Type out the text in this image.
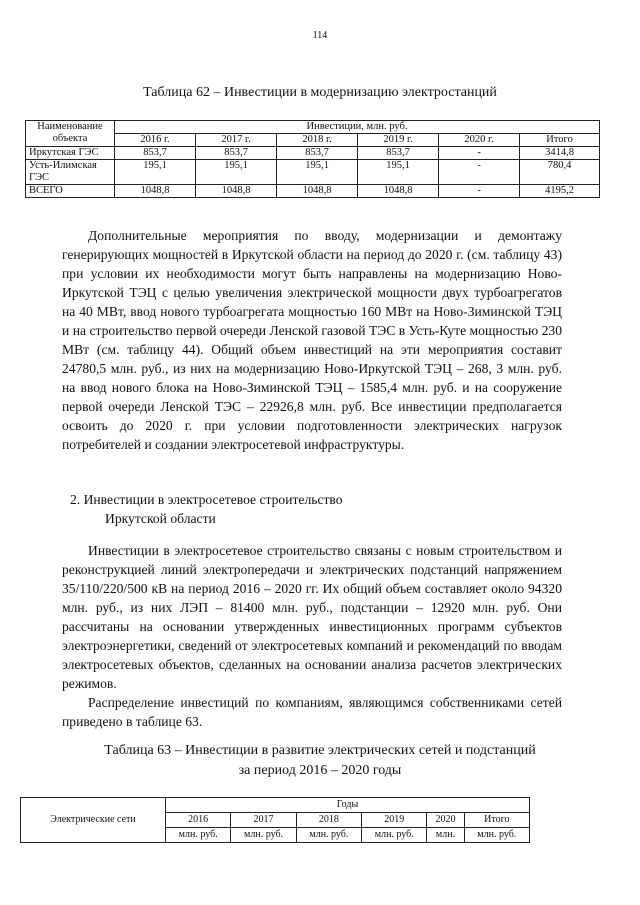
114
Таблица 62 – Инвестиции в модернизацию электростанций
Наименование объекта	Инвестиции, млн. руб.					
	2016 г.	2017 г.	2018 г.	2019 г.	2020 г.	Итого
Иркутская ГЭС	853,7	853,7	853,7	853,7	-	3414,8
Усть-Илимская ГЭС	195,1	195,1	195,1	195,1	-	780,4
ВСЕГО	1048,8	1048,8	1048,8	1048,8	-	4195,2

Дополнительные мероприятия по вводу, модернизации и демонтажу генерирующих мощностей в Иркутской области на период до 2020 г. (см. таблицу 43) при условии их необходимости могут быть направлены на модернизацию Ново-Иркутской ТЭЦ с целью увеличения электрической мощности двух турбоагрегатов на 40 МВт, ввод нового турбоагрегата мощностью 160 МВт на Ново-Зиминской ТЭЦ и на строительство первой очереди Ленской газовой ТЭС в Усть-Куте мощностью 230 МВт (см. таблицу 44). Общий объем инвестиций на эти мероприятия составит 24780,5 млн. руб., из них на модернизацию Ново-Иркутской ТЭЦ – 268, 3 млн. руб. на ввод нового блока на Ново-Зиминской ТЭЦ – 1585,4 млн. руб. и на сооружение первой очереди Ленской ТЭС – 22926,8 млн. руб. Все инвестиции предполагается освоить до 2020 г. при условии подготовленности электрических нагрузок потребителей и создании электросетевой инфраструктуры.

2. Инвестиции в электросетевое строительство
Иркутской области

Инвестиции в электросетевое строительство связаны с новым строительством и реконструкцией линий электропередачи и электрических подстанций напряжением 35/110/220/500 кВ на период 2016 – 2020 гг. Их общий объем составляет около 94320 млн. руб., из них ЛЭП – 81400 млн. руб., подстанции – 12920 млн. руб. Они рассчитаны на основании утвержденных инвестиционных программ субъектов электроэнергетики, сведений от электросетевых компаний и рекомендаций по вводам электросетевых объектов, сделанных на основании анализа расчетов электрических режимов.

Распределение инвестиций по компаниям, являющимся собственниками сетей приведено в таблице 63.

Таблица 63 – Инвестиции в развитие электрических сетей и подстанций
за период 2016 – 2020 годы
Электрические сети	Годы					
	2016	2017	2018	2019	2020	Итого
	млн. руб.	млн. руб.	млн. руб.	млн. руб.	млн.	млн. руб.
